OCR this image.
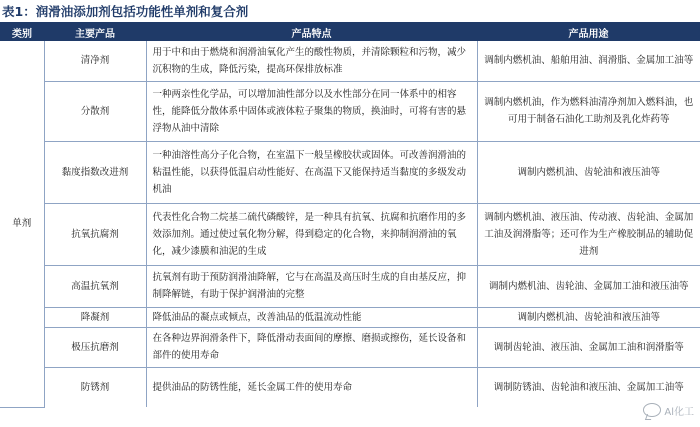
表1：润滑油添加剂包括功能性单剂和复合剂
类别	主要产品	产品特点	产品用途
单剂	清净剂	用于中和由于燃烧和润滑油氧化产生的酸性物质，并清除颗粒和污物，减少沉积物的生成，降低污染，提高环保排放标准	调制内燃机油、船舶用油、润滑脂、金属加工油等
	分散剂	一种两亲性化学品，可以增加油性部分以及水性部分在同一体系中的相容性，能降低分散体系中固体或液体粒子聚集的物质，换油时，可将有害的悬浮物从油中清除	调制内燃机油，作为燃料油清净剂加入燃料油，也可用于制备石油化工助剂及乳化炸药等
	黏度指数改进剂	一种油溶性高分子化合物，在室温下一般呈橡胶状或固体。可改善润滑油的粘温性能，以获得低温启动性能好、在高温下又能保持适当黏度的多级发动机油	调制内燃机油、齿轮油和液压油等
	抗氧抗腐剂	代表性化合物二烷基二硫代磷酸锌，是一种具有抗氧、抗腐和抗磨作用的多效添加剂。通过使过氧化物分解，得到稳定的化合物，来抑制润滑油的氧化，减少漆膜和油泥的生成	调制内燃机油、液压油、传动液、齿轮油、金属加工油及润滑脂等；还可作为生产橡胶制品的辅助促进剂
	高温抗氧剂	抗氧剂有助于预防润滑油降解，它与在高温及高压时生成的自由基反应，抑制降解链，有助于保护润滑油的完整	调制内燃机油、齿轮油、金属加工油和液压油等
	降凝剂	降低油品的凝点或倾点，改善油品的低温流动性能	调制内燃机油、齿轮油和液压油等
	极压抗磨剂	在各种边界润滑条件下，降低滑动表面间的摩擦、磨损或擦伤，延长设备和部件的使用寿命	调制齿轮油、液压油、金属加工油和润滑脂等
	防锈剂	提供油品的防锈性能，延长金属工件的使用寿命	调制防锈油、齿轮油和液压油、金属加工油等
Al化工
